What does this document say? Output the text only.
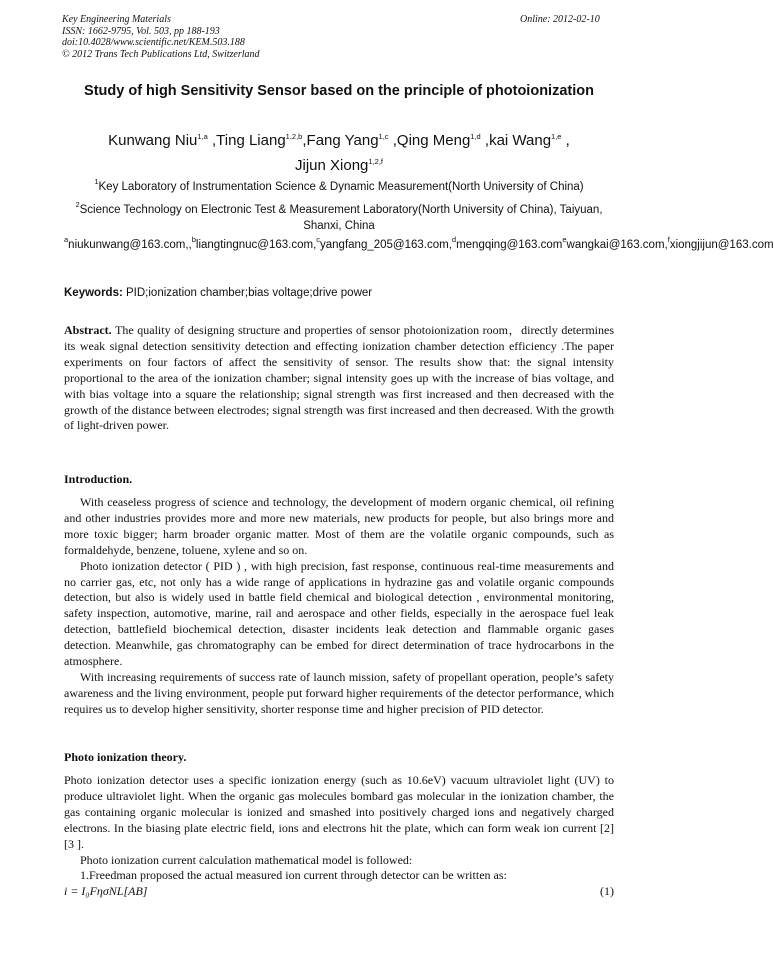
Key Engineering Materials
ISSN: 1662-9795, Vol. 503, pp 188-193
doi:10.4028/www.scientific.net/KEM.503.188
© 2012 Trans Tech Publications Ltd, Switzerland
Online: 2012-02-10
Study of high Sensitivity Sensor based on the principle of photoionization
Kunwang Niu$^{1,a}$ ,Ting Liang$^{1,2,b}$,Fang Yang$^{1,c}$ ,Qing Meng$^{1,d}$ ,kai Wang$^{1,e}$ ,
Jijun Xiong$^{1,2,f}$
$^1$Key Laboratory of Instrumentation Science & Dynamic Measurement(North University of China)
$^2$Science Technology on Electronic Test & Measurement Laboratory(North University of China), Taiyuan, Shanxi, China
$^a$niukunwang@163.com,,$^b$liangtingnuc@163.com,$^c$yangfang_205@163.com,$^d$mengqing@163.com$^e$wangkai@163.com,$^f$xiongjijun@163.com
Keywords: PID;ionization chamber;bias voltage;drive power

Abstract. The quality of designing structure and properties of sensor photoionization room，directly determines its weak signal detection sensitivity detection and effecting ionization chamber detection efficiency .The paper experiments on four factors of affect the sensitivity of sensor. The results show that: the signal intensity proportional to the area of the ionization chamber; signal intensity goes up with the increase of bias voltage, and with bias voltage into a square the relationship; signal strength was first increased and then decreased with the growth of the distance between electrodes; signal strength was first increased and then decreased. With the growth of light-driven power.

Introduction.

With ceaseless progress of science and technology, the development of modern organic chemical, oil refining and other industries provides more and more new materials, new products for people, but also brings more and more toxic bigger; harm broader organic matter. Most of them are the volatile organic compounds, such as formaldehyde, benzene, toluene, xylene and so on.

Photo ionization detector ( PID ) , with high precision, fast response, continuous real-time measurements and no carrier gas, etc, not only has a wide range of applications in hydrazine gas and volatile organic compounds detection, but also is widely used in battle field chemical and biological detection , environmental monitoring, safety inspection, automotive, marine, rail and aerospace and other fields, especially in the aerospace fuel leak detection, battlefield biochemical detection, disaster incidents leak detection and flammable organic gases detection. Meanwhile, gas chromatography can be embed for direct determination of trace hydrocarbons in the atmosphere.

With increasing requirements of success rate of launch mission, safety of propellant operation, people’s safety awareness and the living environment, people put forward higher requirements of the detector performance, which requires us to develop higher sensitivity, shorter response time and higher precision of PID detector.

Photo ionization theory.

Photo ionization detector uses a specific ionization energy (such as 10.6eV) vacuum ultraviolet light (UV) to produce ultraviolet light. When the organic gas molecules bombard gas molecular in the ionization chamber, the gas containing organic molecular is ionized and smashed into positively charged ions and negatively charged electrons. In the biasing plate electric field, ions and electrons hit the plate, which can form weak ion current [2] [3 ].

Photo ionization current calculation mathematical model is followed:

1.Freedman proposed the actual measured ion current through detector can be written as:

i = I₀FησNL[AB]	(1)
